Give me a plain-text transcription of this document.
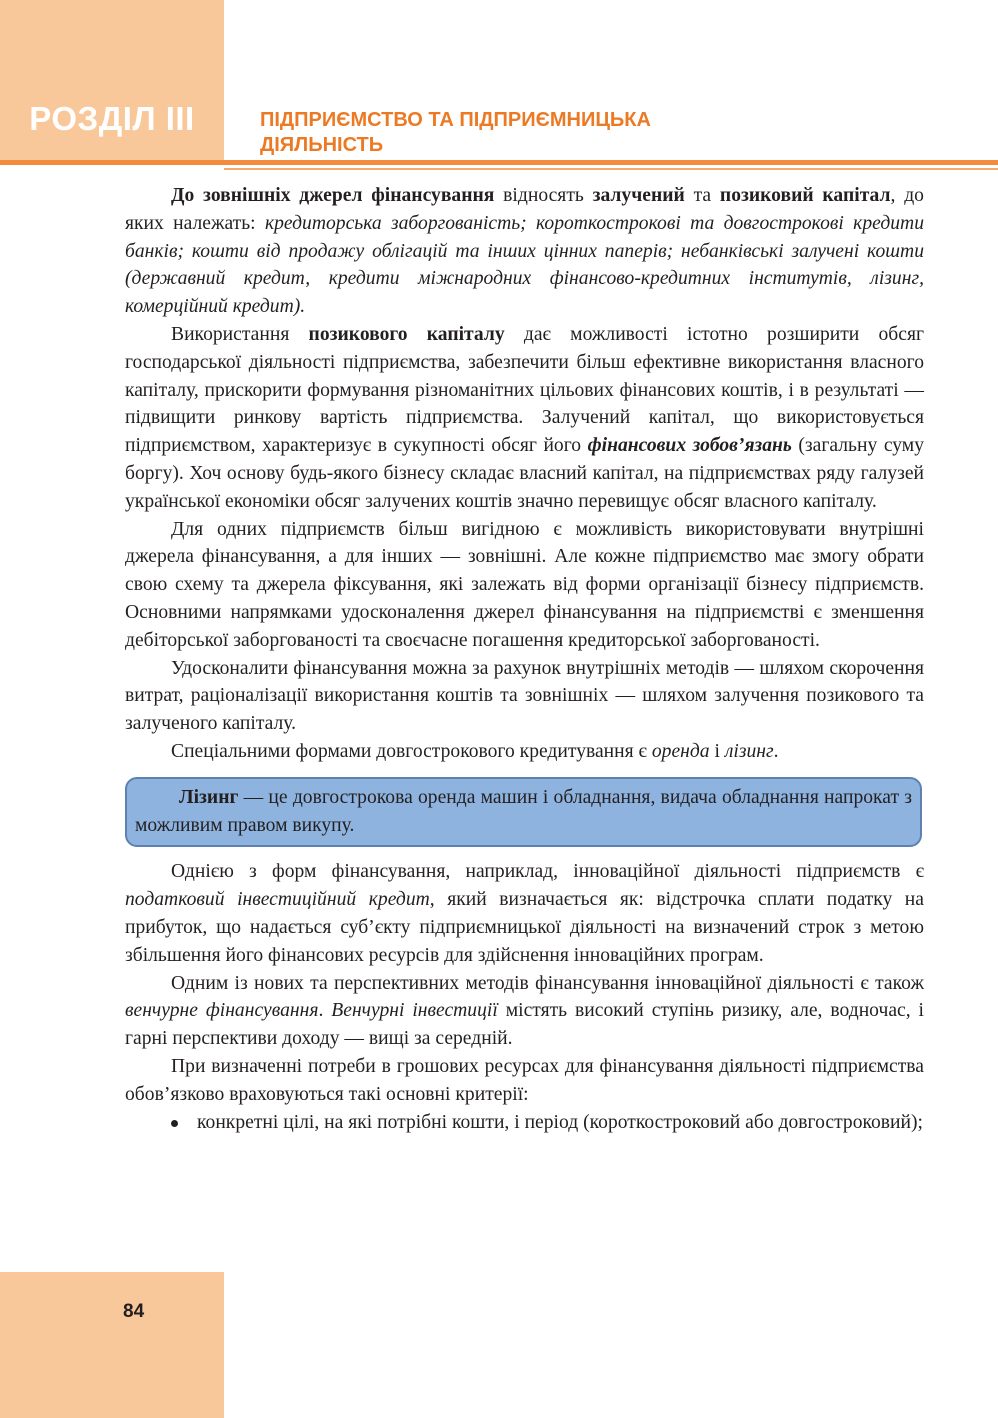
РОЗДІЛ ІІІ	ПІДПРИЄМСТВО ТА ПІДПРИЄМНИЦЬКА
ДІЯЛЬНІСТЬ

До зовнішніх джерел фінансування відносять залучений та позиковий капітал, до яких належать: кредиторська заборгованість; короткострокові та довгострокові кредити банків; кошти від продажу облігацій та інших цінних паперів; небанківські залучені кошти (державний кредит, кредити міжнародних фінансово-кредитних інститутів, лізинг, комерційний кредит).

Використання позикового капіталу дає можливості істотно розширити обсяг господарської діяльності підприємства, забезпечити більш ефективне використання власного капіталу, прискорити формування різноманітних цільових фінансових коштів, і в результаті — підвищити ринкову вартість підприємства. Залучений капітал, що використовується підприємством, характеризує в сукупності обсяг його фінансових зобов’язань (загальну суму боргу). Хоч основу будь-якого бізнесу складає власний капітал, на підприємствах ряду галузей української економіки обсяг залучених коштів значно перевищує обсяг власного капіталу.

Для одних підприємств більш вигідною є можливість використовувати внутрішні джерела фінансування, а для інших — зовнішні. Але кожне підприємство має змогу обрати свою схему та джерела фіксування, які залежать від форми організації бізнесу підприємств. Основними напрямками удосконалення джерел фінансування на підприємстві є зменшення дебіторської заборгованості та своєчасне погашення кредиторської заборгованості.

Удосконалити фінансування можна за рахунок внутрішніх методів — шляхом скорочення витрат, раціоналізації використання коштів та зовнішніх — шляхом залучення позикового та залученого капіталу.

Спеціальними формами довгострокового кредитування є оренда і лізинг.

Лізинг — це довгострокова оренда машин і обладнання, видача обладнання напрокат з можливим правом викупу.

Однією з форм фінансування, наприклад, інноваційної діяльності підприємств є податковий інвестиційний кредит, який визначається як: відстрочка сплати податку на прибуток, що надається суб’єкту підприємницької діяльності на визначений строк з метою збільшення його фінансових ресурсів для здійснення інноваційних програм.

Одним із нових та перспективних методів фінансування інноваційної діяльності є також венчурне фінансування. Венчурні інвестиції містять високий ступінь ризику, але, водночас, і гарні перспективи доходу — вищі за середній.

При визначенні потреби в грошових ресурсах для фінансування діяльності підприємства обов’язково враховуються такі основні критерії:

конкретні цілі, на які потрібні кошти, і період (короткостроковий або довгостроковий);
84
